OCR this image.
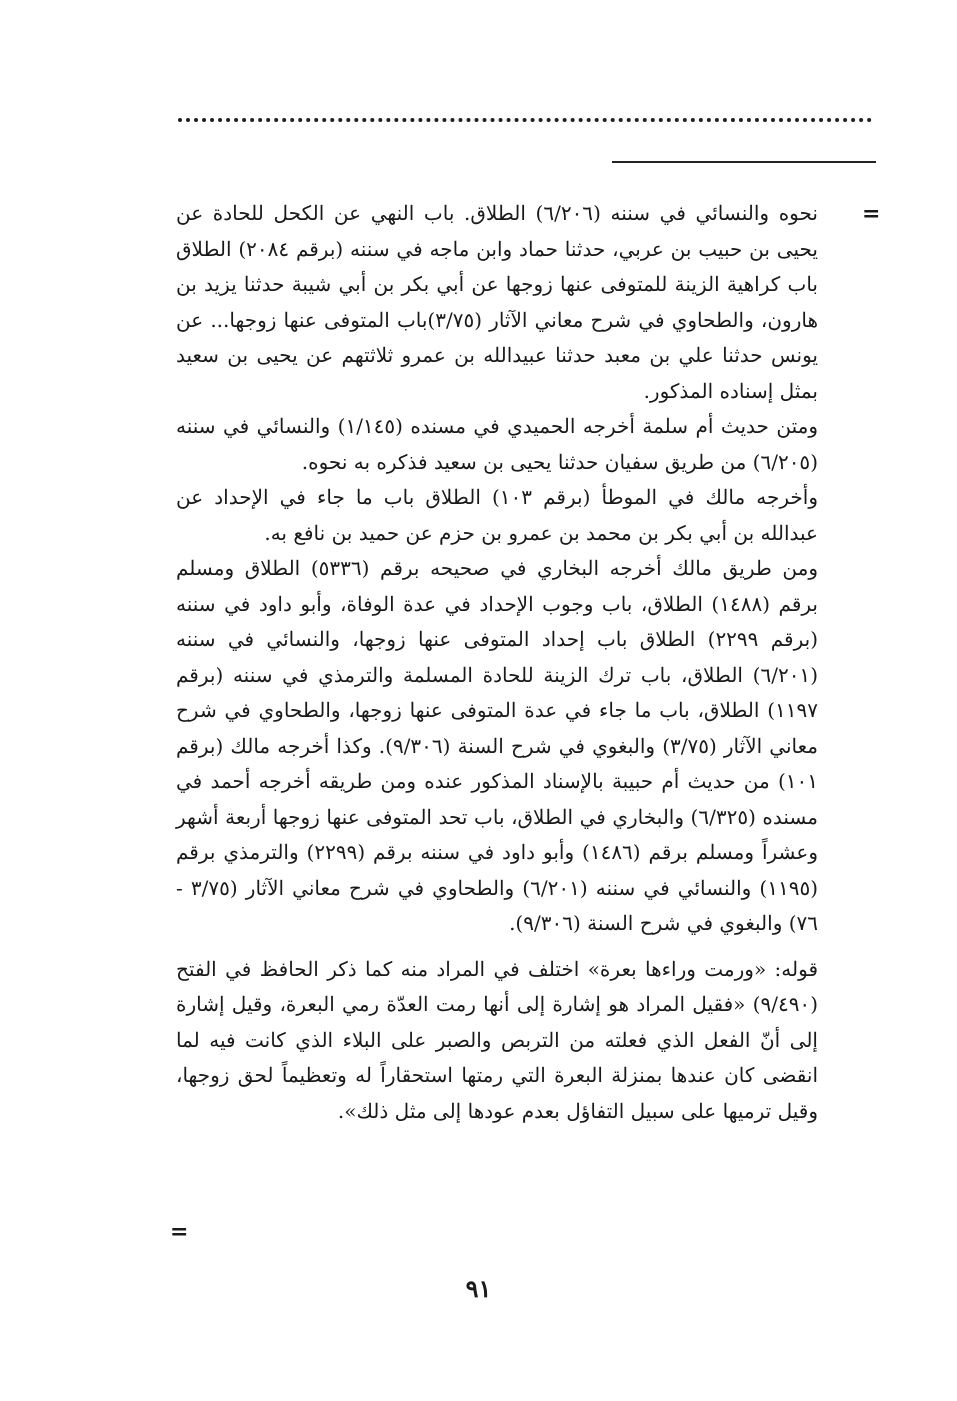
=

نحوه والنسائي في سننه (٦/٢٠٦) الطلاق. باب النهي عن الكحل للحادة عن يحيى بن حبيب بن عربي، حدثنا حماد وابن ماجه في سننه (برقم ٢٠٨٤) الطلاق باب كراهية الزينة للمتوفى عنها زوجها عن أبي بكر بن أبي شيبة حدثنا يزيد بن هارون، والطحاوي في شرح معاني الآثار (٣/٧٥)باب المتوفى عنها زوجها... عن يونس حدثنا علي بن معبد حدثنا عبيدالله بن عمرو ثلاثتهم عن يحيى بن سعيد بمثل إسناده المذكور.

ومتن حديث أم سلمة أخرجه الحميدي في مسنده (١/١٤٥) والنسائي في سننه (٦/٢٠٥) من طريق سفيان حدثنا يحيى بن سعيد فذكره به نحوه.

وأخرجه مالك في الموطأ (برقم ١٠٣) الطلاق باب ما جاء في الإحداد عن عبدالله بن أبي بكر بن محمد بن عمرو بن حزم عن حميد بن نافع به.

ومن طريق مالك أخرجه البخاري في صحيحه برقم (٥٣٣٦) الطلاق ومسلم برقم (١٤٨٨) الطلاق، باب وجوب الإحداد في عدة الوفاة، وأبو داود في سننه (برقم ٢٢٩٩) الطلاق باب إحداد المتوفى عنها زوجها، والنسائي في سننه (٦/٢٠١) الطلاق، باب ترك الزينة للحادة المسلمة والترمذي في سننه (برقم ١١٩٧) الطلاق، باب ما جاء في عدة المتوفى عنها زوجها، والطحاوي في شرح معاني الآثار (٣/٧٥) والبغوي في شرح السنة (٩/٣٠٦). وكذا أخرجه مالك (برقم ١٠١) من حديث أم حبيبة بالإسناد المذكور عنده ومن طريقه أخرجه أحمد في مسنده (٦/٣٢٥) والبخاري في الطلاق، باب تحد المتوفى عنها زوجها أربعة أشهر وعشراً ومسلم برقم (١٤٨٦) وأبو داود في سننه برقم (٢٢٩٩) والترمذي برقم (١١٩٥) والنسائي في سننه (٦/٢٠١) والطحاوي في شرح معاني الآثار (٣/٧٥ - ٧٦) والبغوي في شرح السنة (٩/٣٠٦).

قوله: «ورمت وراءها بعرة» اختلف في المراد منه كما ذكر الحافظ في الفتح (٩/٤٩٠) «فقيل المراد هو إشارة إلى أنها رمت العدّة رمي البعرة، وقيل إشارة إلى أنّ الفعل الذي فعلته من التربص والصبر على البلاء الذي كانت فيه لما انقضى كان عندها بمنزلة البعرة التي رمتها استحقاراً له وتعظيماً لحق زوجها، وقيل ترميها على سبيل التفاؤل بعدم عودها إلى مثل ذلك».

=
٩١
